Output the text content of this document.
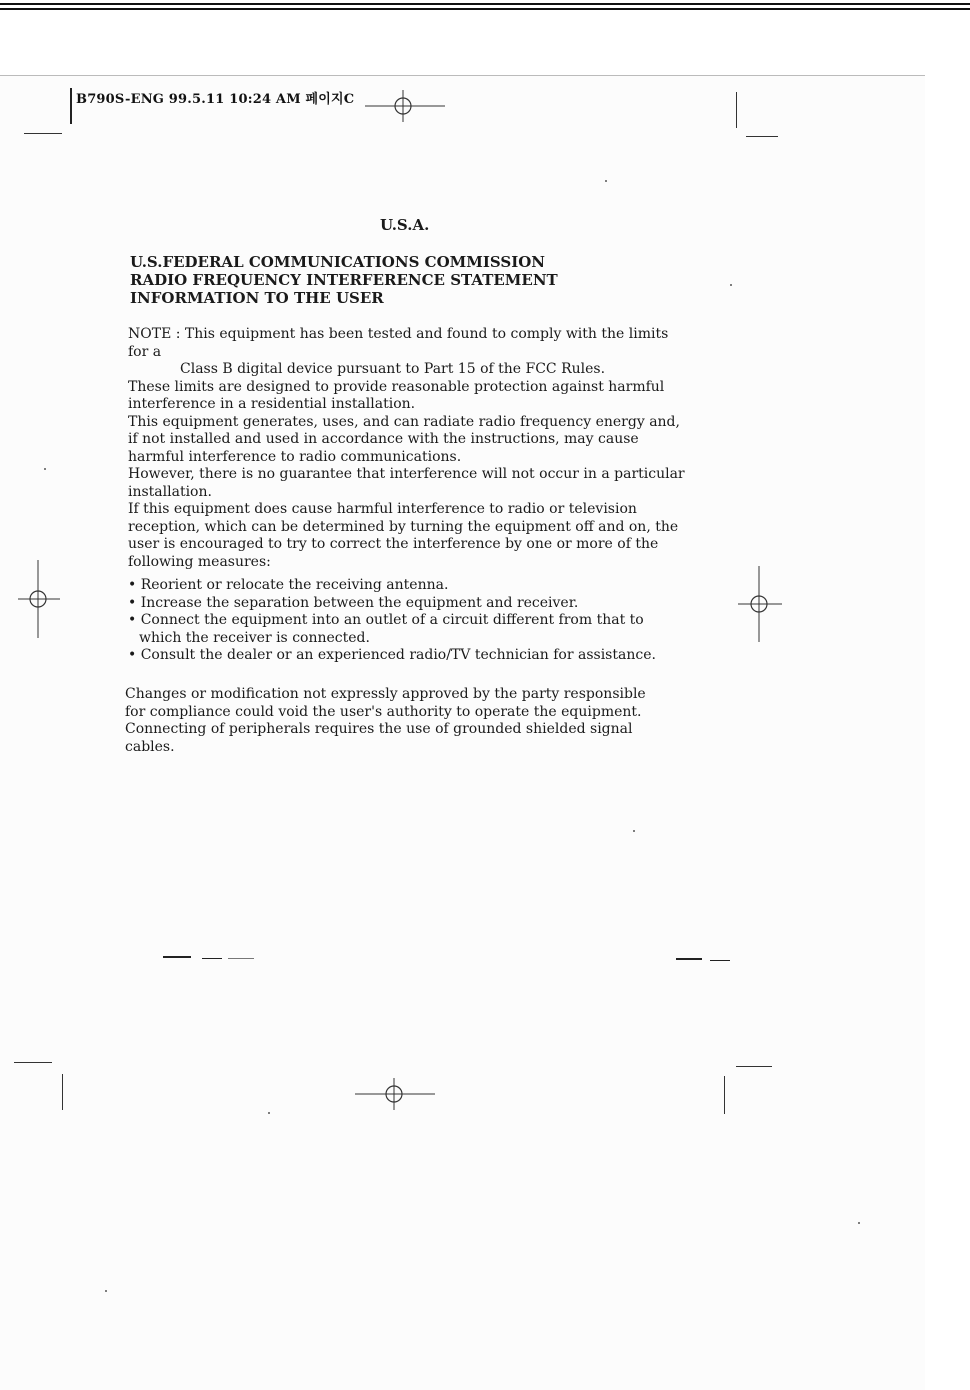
B790S-ENG 99.5.11 10:24 AM 페이지C
U.S.A.
U.S.FEDERAL COMMUNICATIONS COMMISSION
RADIO FREQUENCY INTERFERENCE STATEMENT
INFORMATION TO THE USER
NOTE : This equipment has been tested and found to comply with the limits for a
Class B digital device pursuant to Part 15 of the FCC Rules.
These limits are designed to provide reasonable protection against harmful interference in a residential installation.
This equipment generates, uses, and can radiate radio frequency energy and, if not installed and used in accordance with the instructions, may cause harmful interference to radio communications.
However, there is no guarantee that interference will not occur in a particular installation.
If this equipment does cause harmful interference to radio or television reception, which can be determined by turning the equipment off and on, the user is encouraged to try to correct the interference by one or more of the following measures:
• Reorient or relocate the receiving antenna.
• Increase the separation between the equipment and receiver.
• Connect the equipment into an outlet of a circuit different from that to which the receiver is connected.
• Consult the dealer or an experienced radio/TV technician for assistance.
Changes or modification not expressly approved by the party responsible for compliance could void the user's authority to operate the equipment.
Connecting of peripherals requires the use of grounded shielded signal cables.
